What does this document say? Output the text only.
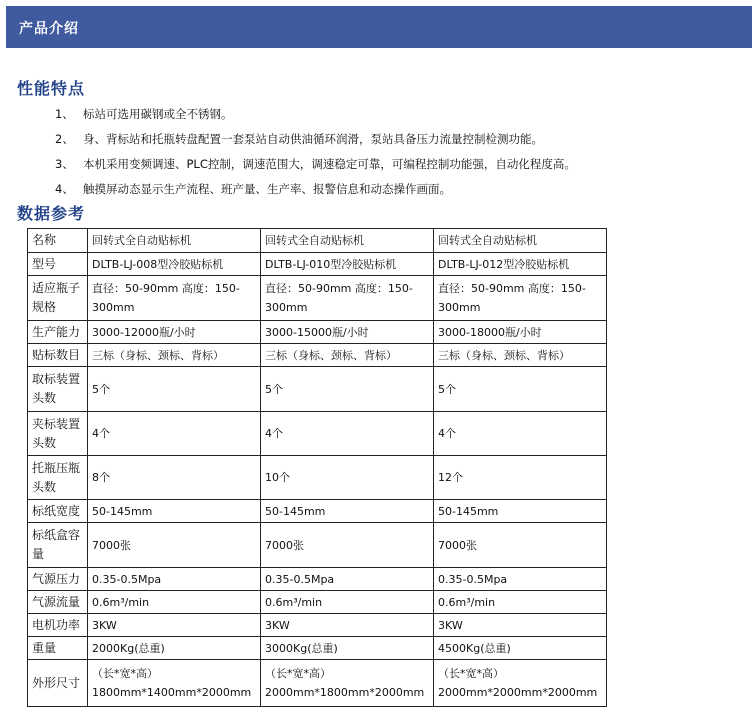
产品介绍
性能特点
1、 标站可选用碳钢或全不锈钢。
2、 身、背标站和托瓶转盘配置一套泵站自动供油循环润滑，泵站具备压力流量控制检测功能。
3、 本机采用变频调速、PLC控制，调速范围大，调速稳定可靠，可编程控制功能强，自动化程度高。
4、 触摸屏动态显示生产流程、班产量、生产率、报警信息和动态操作画面。
数据参考
名称	回转式全自动贴标机	回转式全自动贴标机	回转式全自动贴标机
型号	DLTB-LJ-008型冷胶贴标机	DLTB-LJ-010型冷胶贴标机	DLTB-LJ-012型冷胶贴标机
适应瓶子规格	直径：50-90mm 高度：150-300mm	直径：50-90mm 高度：150-300mm	直径：50-90mm 高度：150-300mm
生产能力	3000-12000瓶/小时	3000-15000瓶/小时	3000-18000瓶/小时
贴标数目	三标（身标、颈标、背标）	三标（身标、颈标、背标）	三标（身标、颈标、背标）
取标装置头数	5个	5个	5个
夹标装置头数	4个	4个	4个
托瓶压瓶头数	8个	10个	12个
标纸宽度	50-145mm	50-145mm	50-145mm
标纸盒容量	7000张	7000张	7000张
气源压力	0.35-0.5Mpa	0.35-0.5Mpa	0.35-0.5Mpa
气源流量	0.6m³/min	0.6m³/min	0.6m³/min
电机功率	3KW	3KW	3KW
重量	2000Kg(总重)	3000Kg(总重)	4500Kg(总重)
外形尺寸	（长*宽*高）1800mm*1400mm*2000mm	（长*宽*高）2000mm*1800mm*2000mm	（长*宽*高）2000mm*2000mm*2000mm
